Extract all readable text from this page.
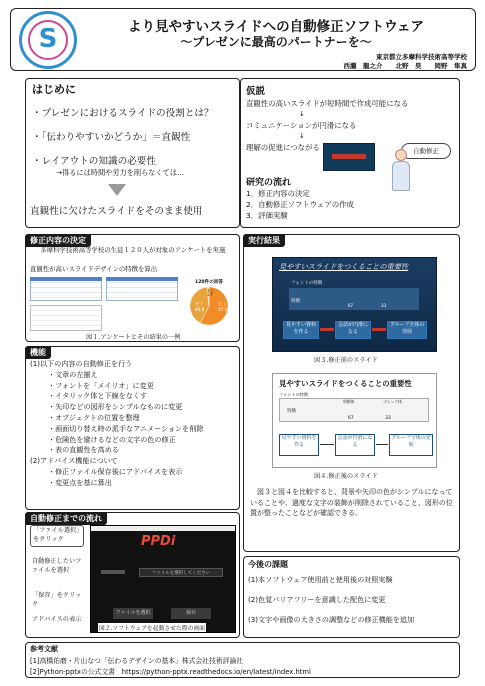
S	より見やすいスライドへの自動修正ソフトウェア
～プレゼンに最高のパートナーを～
東京都立多摩科学技術高等学校
西瀬　龍之介　　北野　昊　　岡野　隼真
はじめに
・プレゼンにおけるスライドの役割とは？
・「伝わりやすいかどうか」＝直観性
・レイアウトの知識の必要性
→得るには時間や労力を削らなくては…
直観性に欠けたスライドをそのまま使用
仮説
直観性の高いスライドが短時間で作成可能になる
↓
コミュニケーションが円滑になる
↓
理解の促進につながる	自動修正
研究の流れ
1．修正内容の決定
2．自動修正ソフトウェアの作成
3．評価実験
修正内容の決定
多摩科学技術高等学校の生徒１２０人が対象のアンケートを実施
直観性が高いスライドデザインの特徴を算出
120件の回答
右上
57.5
左下
40.8
左上
1.7
図１.アンケートとその結果の一例
機能
(1)以下の内容の自動修正を行う
・文章の左揃え
・フォントを「メイリオ」に変更
・イタリック体と下線をなくす
・矢印などの図形をシンプルなものに変更
・オブジェクトの位置を整理
・画面切り替え時の派手なアニメーションを削除
・危険色を避けるなどの文字の色の修正
・表の直観性を高める
(2)アドバイス機能について
・修正ファイル保存後にアドバイスを表示
・変更点を基に算出
自動修正までの流れ
「ファイル選択」をクリック
自動修正したいファイルを選択
「保存」をクリック
アドバイスの表示
PPDi
ファイルを選択してください
ファイルを選択	保存
図２.ソフトウェアを起動させた際の画面
実行結果
見やすいスライドをつくることの重要性
フォントの特徴
特徴
67	33
見やすい資料を作る
会話が円滑になる
グループ全体の発展
図３.修正前のスライド
見やすいスライドをつくることの重要性
フォントの特徴
明朝体	ゴシック体
特徴
67	33
見やすい資料を作る
会話が円滑になる
グループ全体の発展
図４.修正後のスライド
図３と図４を比較すると、背景や矢印の色がシンプルになっていることや、過度な文字の装飾が削除されていること、図形の位置が整ったことなどが確認できる。
今後の課題
(1)本ソフトウェア使用前と使用後の対照実験
(2)色覚バリアフリーを意識した配色に変更
(3)文字や画像の大きさの調整などの修正機能を追加
参考文献
[1]高橋佑磨・片山なつ「伝わるデザインの基本」株式会社技術評論社
[2]Python-pptxの公式文書　https://python-pptx.readthedocs.io/en/latest/index.html
